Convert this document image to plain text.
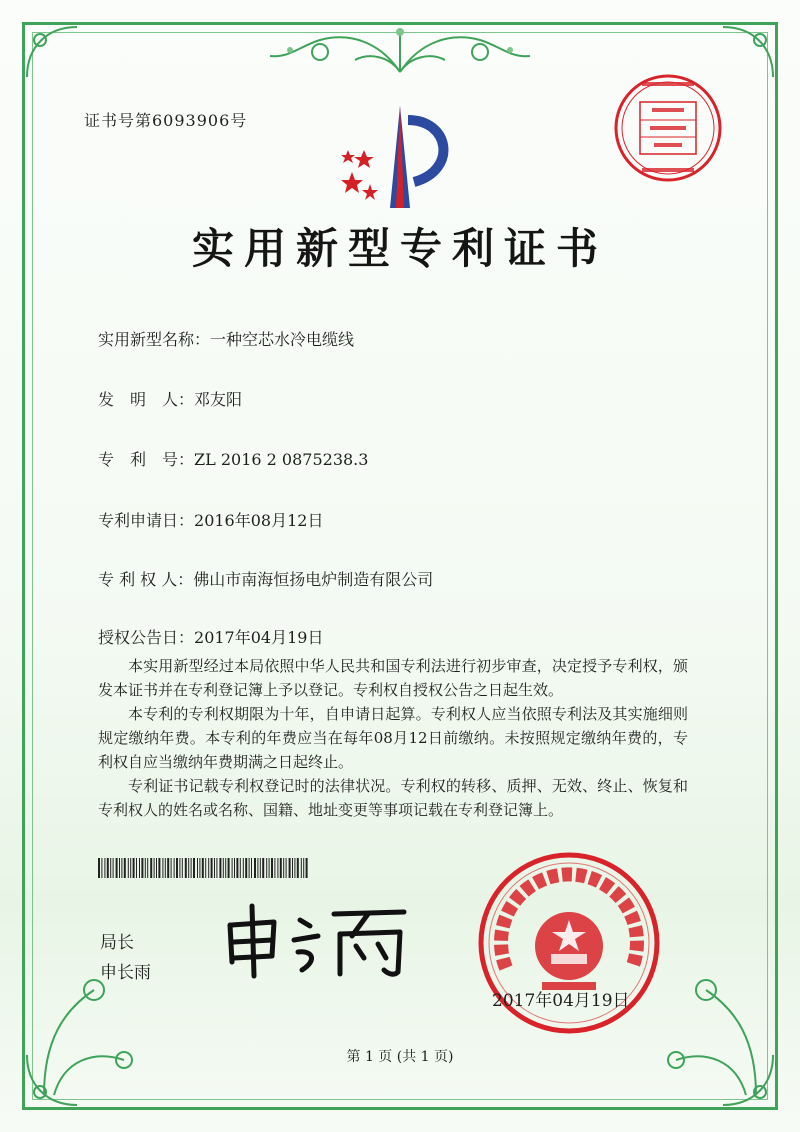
证书号第6093906号
实用新型专利证书
实用新型名称：一种空芯水冷电缆线
发　明　人：邓友阳
专　利　号：ZL 2016 2 0875238.3
专利申请日：2016年08月12日
专 利 权 人：佛山市南海恒扬电炉制造有限公司
授权公告日：2017年04月19日

本实用新型经过本局依照中华人民共和国专利法进行初步审查，决定授予专利权，颁发本证书并在专利登记簿上予以登记。专利权自授权公告之日起生效。

本专利的专利权期限为十年，自申请日起算。专利权人应当依照专利法及其实施细则规定缴纳年费。本专利的年费应当在每年08月12日前缴纳。未按照规定缴纳年费的，专利权自应当缴纳年费期满之日起终止。

专利证书记载专利权登记时的法律状况。专利权的转移、质押、无效、终止、恢复和专利权人的姓名或名称、国籍、地址变更等事项记载在专利登记簿上。

局长
申长雨
2017年04月19日
第 1 页 (共 1 页)
